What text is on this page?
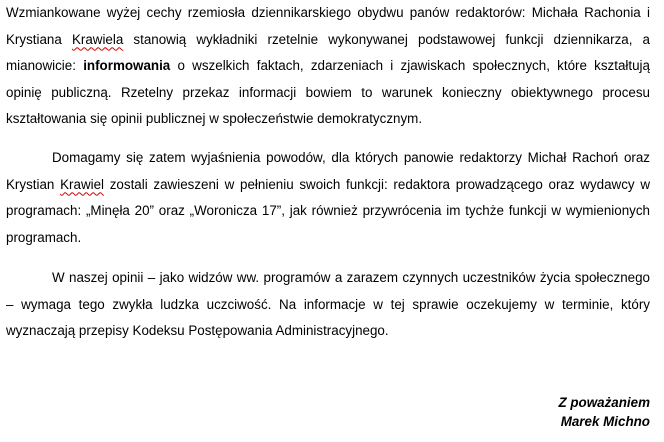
Wzmiankowane wyżej cechy rzemiosła dziennikarskiego obydwu panów redaktorów: Michała Rachonia i Krystiana Krawiela stanowią wykładniki rzetelnie wykonywanej podstawowej funkcji dziennikarza, a mianowicie: informowania o wszelkich faktach, zdarzeniach i zjawiskach społecznych, które kształtują opinię publiczną. Rzetelny przekaz informacji bowiem to warunek konieczny obiektywnego procesu kształtowania się opinii publicznej w społeczeństwie demokratycznym.

Domagamy się zatem wyjaśnienia powodów, dla których panowie redaktorzy Michał Rachoń oraz Krystian Krawiel zostali zawieszeni w pełnieniu swoich funkcji: redaktora prowadzącego oraz wydawcy w programach: „Minęła 20” oraz „Woronicza 17”, jak również przywrócenia im tychże funkcji w wymienionych programach.

W naszej opinii – jako widzów ww. programów a zarazem czynnych uczestników życia społecznego – wymaga tego zwykła ludzka uczciwość. Na informacje w tej sprawie oczekujemy w terminie, który wyznaczają przepisy Kodeksu Postępowania Administracyjnego.

Z poważaniem
Marek Michno
